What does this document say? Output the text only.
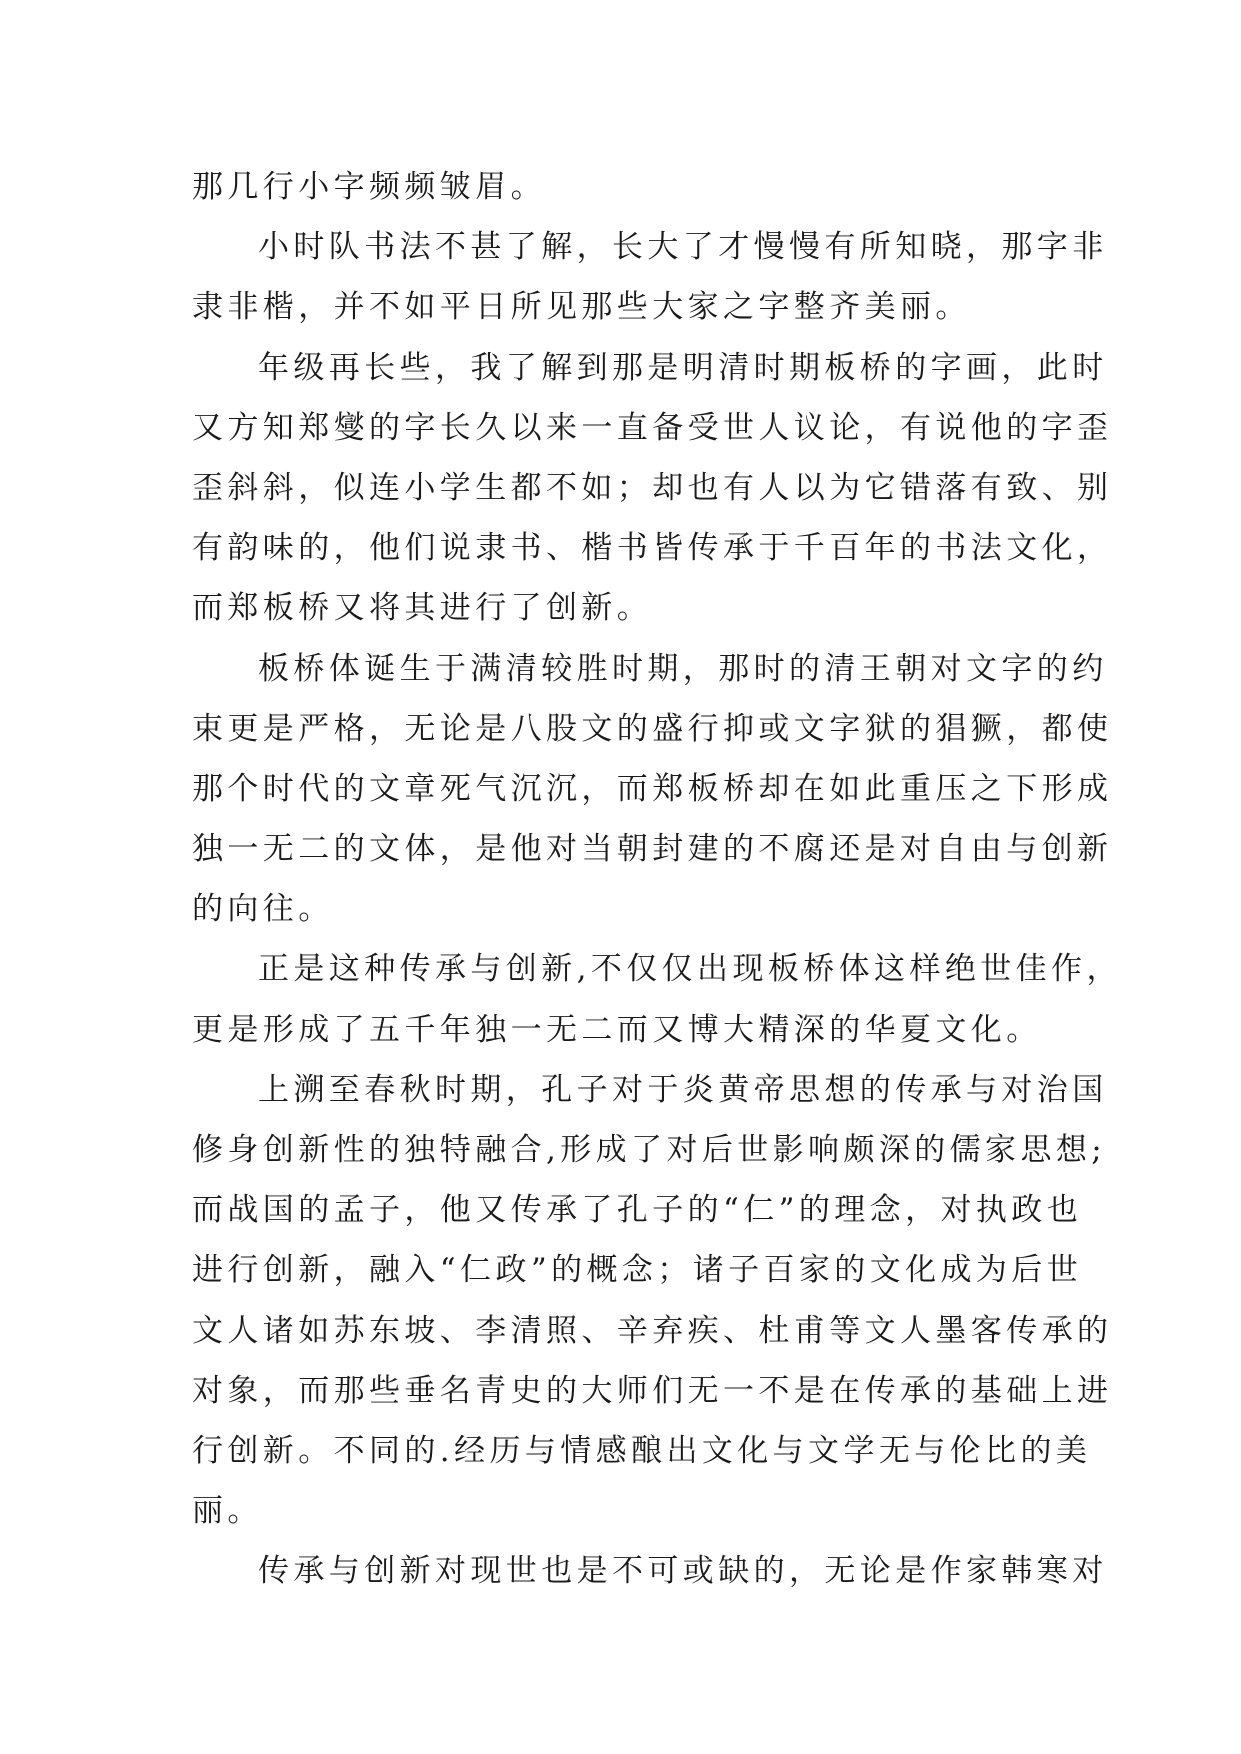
那几行小字频频皱眉。
小时队书法不甚了解，长大了才慢慢有所知晓，那字非
隶非楷，并不如平日所见那些大家之字整齐美丽。
年级再长些，我了解到那是明清时期板桥的字画，此时
又方知郑燮的字长久以来一直备受世人议论，有说他的字歪
歪斜斜，似连小学生都不如；却也有人以为它错落有致、别
有韵味的，他们说隶书、楷书皆传承于千百年的书法文化，
而郑板桥又将其进行了创新。
板桥体诞生于满清较胜时期，那时的清王朝对文字的约
束更是严格，无论是八股文的盛行抑或文字狱的猖獗，都使
那个时代的文章死气沉沉，而郑板桥却在如此重压之下形成
独一无二的文体，是他对当朝封建的不腐还是对自由与创新
的向往。
正是这种传承与创新,不仅仅出现板桥体这样绝世佳作，
更是形成了五千年独一无二而又博大精深的华夏文化。
上溯至春秋时期，孔子对于炎黄帝思想的传承与对治国
修身创新性的独特融合,形成了对后世影响颇深的儒家思想;
而战国的孟子，他又传承了孔子的“仁”的理念，对执政也
进行创新，融入“仁政”的概念；诸子百家的文化成为后世
文人诸如苏东坡、李清照、辛弃疾、杜甫等文人墨客传承的
对象，而那些垂名青史的大师们无一不是在传承的基础上进
行创新。不同的.经历与情感酿出文化与文学无与伦比的美
丽。
传承与创新对现世也是不可或缺的，无论是作家韩寒对
